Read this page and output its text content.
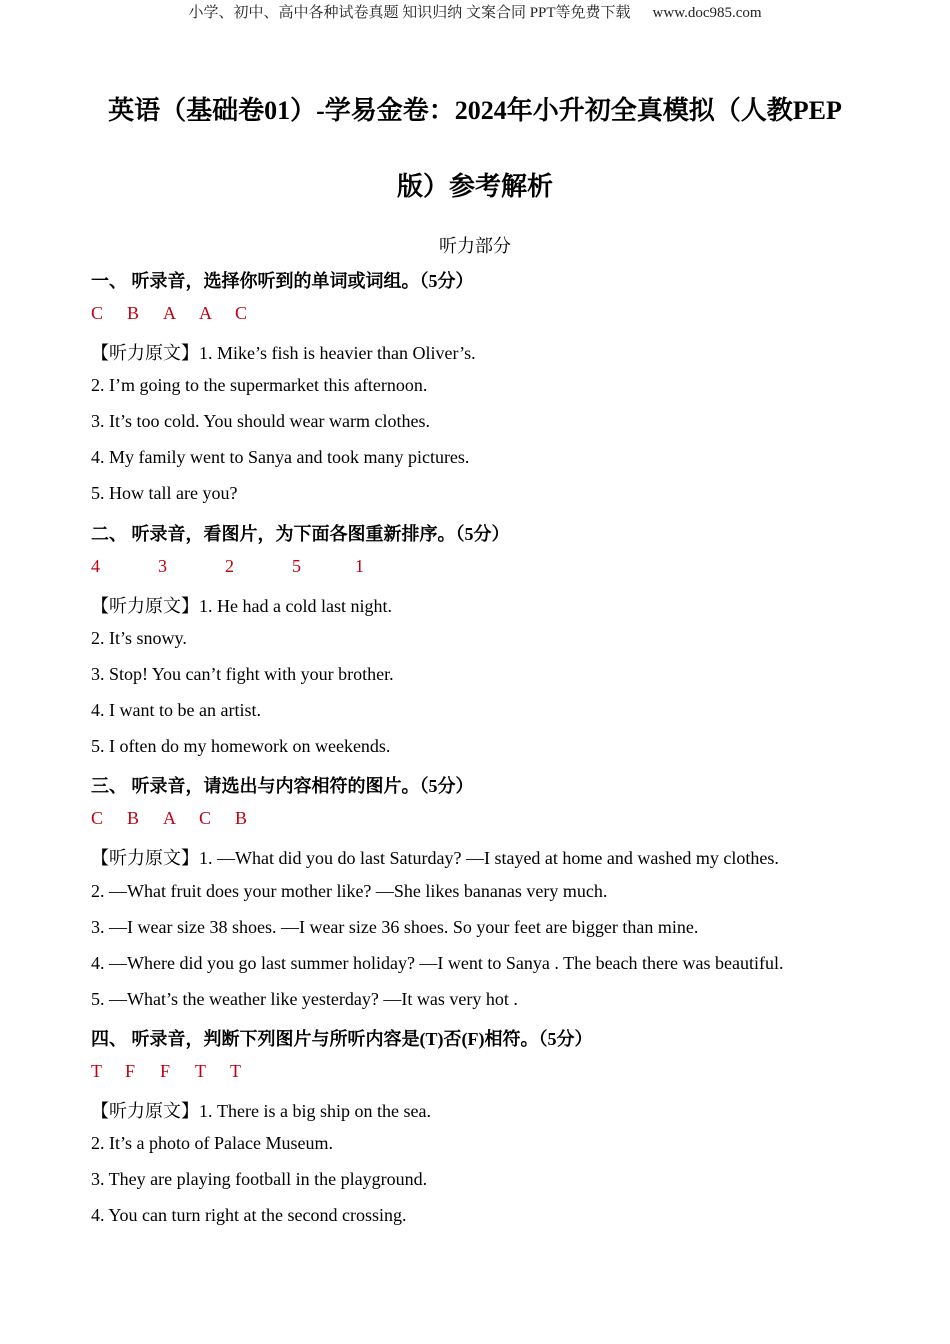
小学、初中、高中各种试卷真题 知识归纳 文案合同 PPT等免费下载 www.doc985.com
英语（基础卷01）-学易金卷：2024年小升初全真模拟（人教PEP
版）参考解析
听力部分
一、 听录音，选择你听到的单词或词组。（5分）
C B A A C
【听力原文】1. Mike’s fish is heavier than Oliver’s.
2. I’m going to the supermarket this afternoon.
3. It’s too cold. You should wear warm clothes.
4. My family went to Sanya and took many pictures.
5. How tall are you?
二、 听录音，看图片，为下面各图重新排序。（5分）
4	3	2	5	1
【听力原文】1. He had a cold last night.
2. It’s snowy.
3. Stop! You can’t fight with your brother.
4. I want to be an artist.
5. I often do my homework on weekends.
三、 听录音，请选出与内容相符的图片。（5分）
C B A C B
【听力原文】1. —What did you do last Saturday? —I stayed at home and washed my clothes.
2. —What fruit does your mother like? —She likes bananas very much.
3. —I wear size 38 shoes. —I wear size 36 shoes. So your feet are bigger than mine.
4. —Where did you go last summer holiday? —I went to Sanya . The beach there was beautiful.
5. —What’s the weather like yesterday? —It was very hot .
四、 听录音，判断下列图片与所听内容是(T)否(F)相符。（5分）
T F F T T
【听力原文】1. There is a big ship on the sea.
2. It’s a photo of Palace Museum.
3. They are playing football in the playground.
4. You can turn right at the second crossing.
